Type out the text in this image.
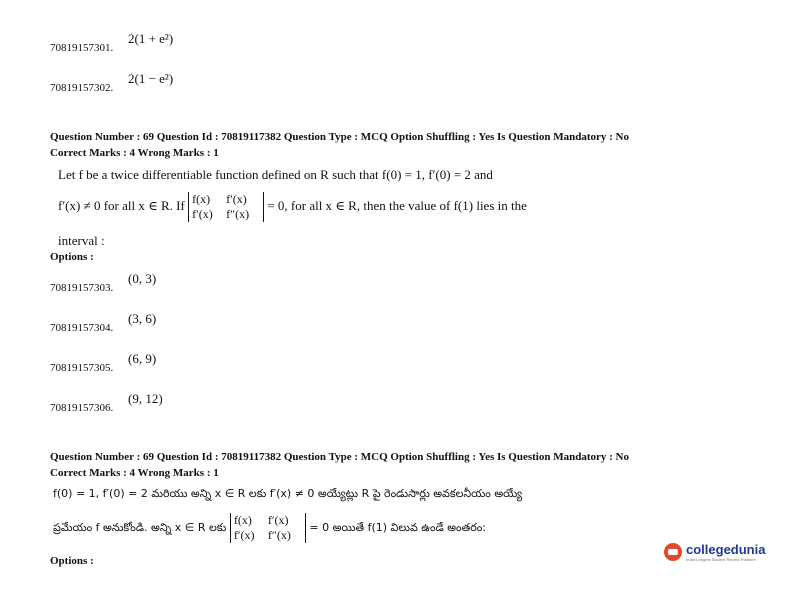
70819157301.
2(1 + e²)
70819157302.
2(1 − e²)
Question Number : 69 Question Id : 70819117382 Question Type : MCQ Option Shuffling : Yes Is Question Mandatory : No
Correct Marks : 4 Wrong Marks : 1
Let f be a twice differentiable function defined on R such that f(0) = 1, f′(0) = 2 and
f′(x) ≠ 0 for all x ∈ R. If f(x) f′(x)
f′(x) f″(x)
= 0, for all x ∈ R, then the value of f(1) lies in the
interval :
Options :
70819157303.
(0, 3)
70819157304.
(3, 6)
70819157305.
(6, 9)
70819157306.
(9, 12)
Question Number : 69 Question Id : 70819117382 Question Type : MCQ Option Shuffling : Yes Is Question Mandatory : No
Correct Marks : 4 Wrong Marks : 1
f(0) = 1, f′(0) = 2 మరియు అన్ని x ∈ R లకు f′(x) ≠ 0 అయ్యేట్లు R పై రెండుసార్లు అవకలనీయం అయ్యే
ప్రమేయం f అనుకోండి. అన్ని x ∈ R లకు
f(x) f′(x)
f′(x) f″(x)
= 0 అయితే f(1) విలువ ఉండే అంతరం:
Options :
collegedunia
India's largest Student Review Platform
